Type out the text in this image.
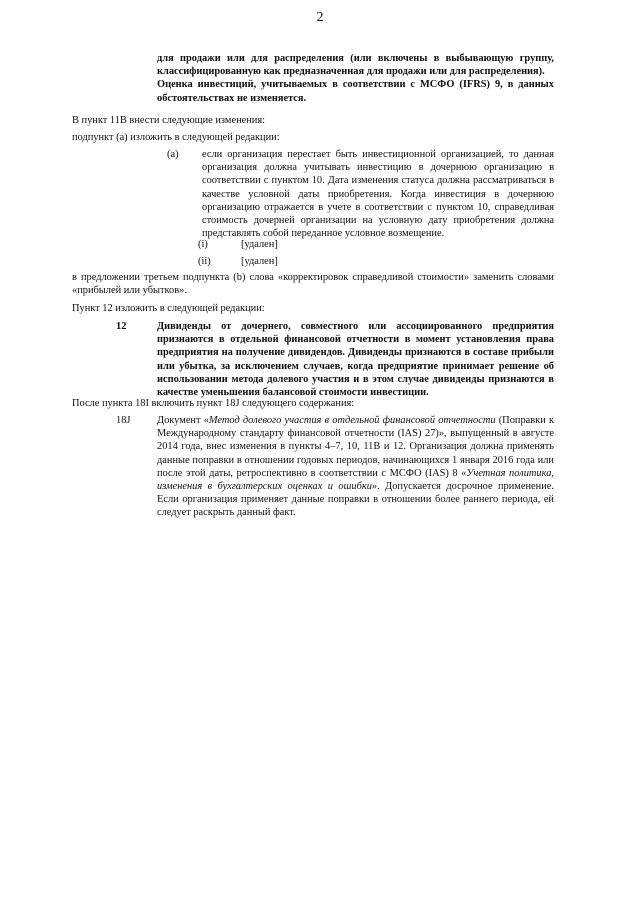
2

для продажи или для распределения (или включены в выбывающую группу, классифицированную как предназначенная для продажи или для распределения).

Оценка инвестиций, учитываемых в соответствии с МСФО (IFRS) 9, в данных обстоятельствах не изменяется.

В пункт 11В внести следующие изменения:
подпункт (a) изложить в следующей редакции:
(a) если организация перестает быть инвестиционной организацией, то данная организация должна учитывать инвестицию в дочернюю организацию в соответствии с пунктом 10. Дата изменения статуса должна рассматриваться в качестве условной даты приобретения. Когда инвестиция в дочернюю организацию отражается в учете в соответствии с пунктом 10, справедливая стоимость дочерней организации на условную дату приобретения должна представлять собой переданное условное возмещение.
(i)	[удален]
(ii)	[удален]
в предложении третьем подпункта (b) слова «корректировок справедливой стоимости» заменить словами «прибылей или убытков».
Пункт 12 изложить в следующей редакции:
12	Дивиденды от дочернего, совместного или ассоциированного предприятия признаются в отдельной финансовой отчетности в момент установления права предприятия на получение дивидендов. Дивиденды признаются в составе прибыли или убытка, за исключением случаев, когда предприятие принимает решение об использовании метода долевого участия и в этом случае дивиденды признаются в качестве уменьшения балансовой стоимости инвестиции.
После пункта 18I включить пункт 18J следующего содержания:
18J	Документ «Метод долевого участия в отдельной финансовой отчетности (Поправки к Международному стандарту финансовой отчетности (IAS) 27)», выпущенный в августе 2014 года, внес изменения в пункты 4–7, 10, 11В и 12. Организация должна применять данные поправки в отношении годовых периодов, начинающихся 1 января 2016 года или после этой даты, ретроспективно в соответствии с МСФО (IAS) 8 «Учетная политика, изменения в бухгалтерских оценках и ошибки». Допускается досрочное применение. Если организация применяет данные поправки в отношении более раннего периода, ей следует раскрыть данный факт.
